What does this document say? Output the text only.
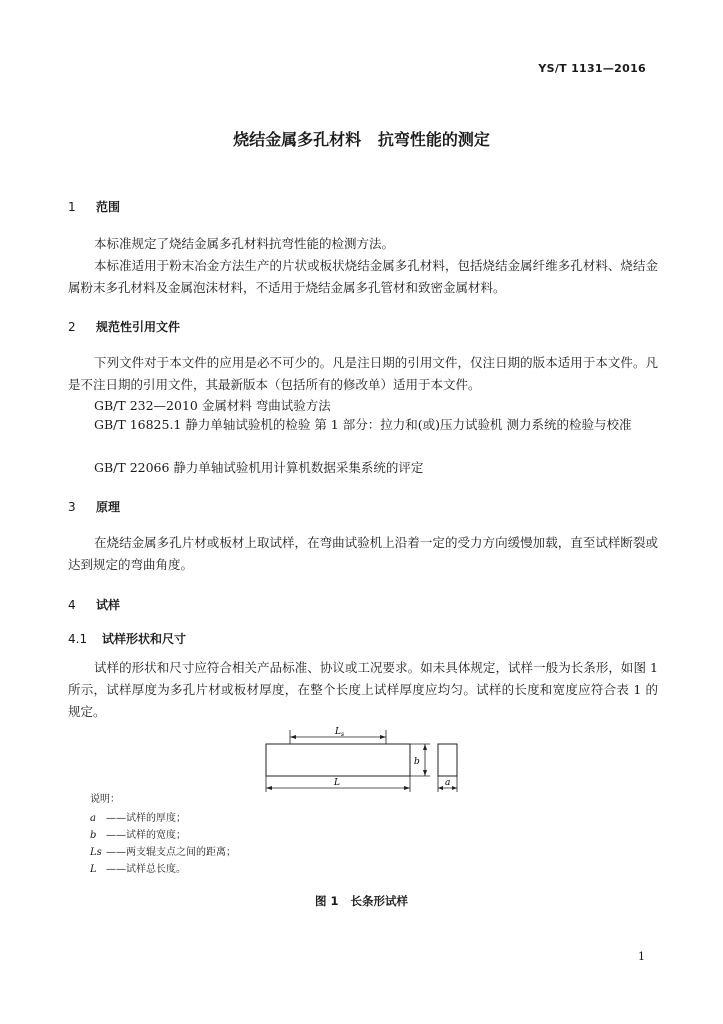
YS/T 1131—2016
烧结金属多孔材料   抗弯性能的测定
1 范围
本标准规定了烧结金属多孔材料抗弯性能的检测方法。
本标准适用于粉末冶金方法生产的片状或板状烧结金属多孔材料，包括烧结金属纤维多孔材料、烧结金属粉末多孔材料及金属泡沫材料，不适用于烧结金属多孔管材和致密金属材料。
2 规范性引用文件
下列文件对于本文件的应用是必不可少的。凡是注日期的引用文件，仅注日期的版本适用于本文件。凡是不注日期的引用文件，其最新版本（包括所有的修改单）适用于本文件。
GB/T 232—2010 金属材料 弯曲试验方法
GB/T 16825.1 静力单轴试验机的检验 第 1 部分：拉力和(或)压力试验机 测力系统的检验与校准
GB/T 22066 静力单轴试验机用计算机数据采集系统的评定
3 原理
在烧结金属多孔片材或板材上取试样，在弯曲试验机上沿着一定的受力方向缓慢加载，直至试样断裂或达到规定的弯曲角度。
4 试样
4.1 试样形状和尺寸
试样的形状和尺寸应符合相关产品标准、协议或工况要求。如未具体规定，试样一般为长条形，如图 1 所示，试样厚度为多孔片材或板材厚度，在整个长度上试样厚度应均匀。试样的长度和宽度应符合表 1 的规定。
$L_s$
L
b
a
说明：
a ——试样的厚度；
b ——试样的宽度；
Ls ——两支辊支点之间的距离；
L ——试样总长度。
图 1   长条形试样
1
